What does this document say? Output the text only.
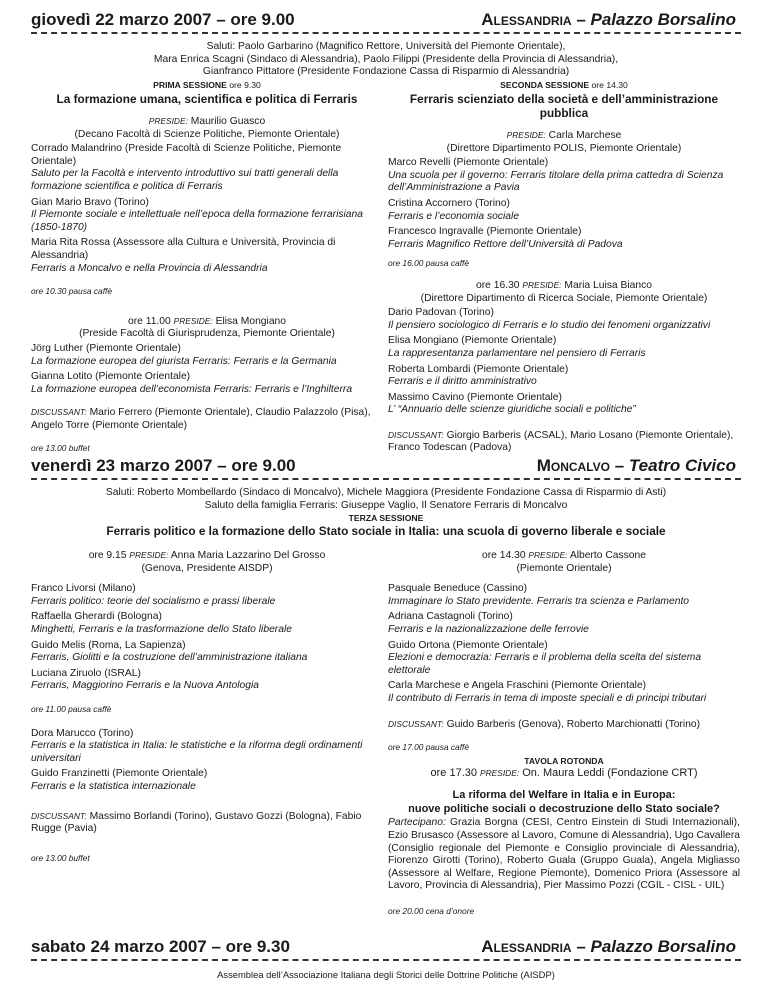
giovedì 22 marzo 2007 – ore 9.00	Alessandria – Palazzo Borsalino
Saluti: Paolo Garbarino (Magnifico Rettore, Università del Piemonte Orientale),
Mara Enrica Scagni (Sindaco di Alessandria), Paolo Filippi (Presidente della Provincia di Alessandria),
Gianfranco Pittatore (Presidente Fondazione Cassa di Risparmio di Alessandria)
PRIMA SESSIONE ore 9.30
La formazione umana, scientifica e politica di Ferraris
PRESIDE: Maurilio Guasco
(Decano Facoltà di Scienze Politiche, Piemonte Orientale)
Corrado Malandrino (Preside Facoltà di Scienze Politiche, Piemonte Orientale)
Saluto per la Facoltà e intervento introduttivo sui tratti generali della formazione scientifica e politica di Ferraris
Gian Mario Bravo (Torino)
Il Piemonte sociale e intellettuale nell’epoca della formazione ferrarisiana (1850-1870)
Maria Rita Rossa (Assessore alla Cultura e Università, Provincia di Alessandria)
Ferraris a Moncalvo e nella Provincia di Alessandria
ore 10.30 pausa caffè
ore 11.00 PRESIDE: Elisa Mongiano
(Preside Facoltà di Giurisprudenza, Piemonte Orientale)
Jörg Luther (Piemonte Orientale)
La formazione europea del giurista Ferraris: Ferraris e la Germania
Gianna Lotito (Piemonte Orientale)
La formazione europea dell’economista Ferraris: Ferraris e l’Inghilterra
DISCUSSANT: Mario Ferrero (Piemonte Orientale), Claudio Palazzolo (Pisa), Angelo Torre (Piemonte Orientale)
ore 13.00 buffet
SECONDA SESSIONE ore 14.30
Ferraris scienziato della società e dell’amministrazione pubblica
PRESIDE: Carla Marchese
(Direttore Dipartimento POLIS, Piemonte Orientale)
Marco Revelli (Piemonte Orientale)
Una scuola per il governo: Ferraris titolare della prima cattedra di Scienza dell’Amministrazione a Pavia
Cristina Accornero (Torino)
Ferraris e l’economia sociale
Francesco Ingravalle (Piemonte Orientale)
Ferraris Magnifico Rettore dell’Università di Padova
ore 16.00 pausa caffè
ore 16.30 PRESIDE: Maria Luisa Bianco
(Direttore Dipartimento di Ricerca Sociale, Piemonte Orientale)
Dario Padovan (Torino)
Il pensiero sociologico di Ferraris e lo studio dei fenomeni organizzativi
Elisa Mongiano (Piemonte Orientale)
La rappresentanza parlamentare nel pensiero di Ferraris
Roberta Lombardi (Piemonte Orientale)
Ferraris e il diritto amministrativo
Massimo Cavino (Piemonte Orientale)
L’ “Annuario delle scienze giuridiche sociali e politiche”
DISCUSSANT: Giorgio Barberis (ACSAL), Mario Losano (Piemonte Orientale), Franco Todescan (Padova)
venerdì 23 marzo 2007 – ore 9.00	Moncalvo – Teatro Civico
Saluti: Roberto Mombellardo (Sindaco di Moncalvo), Michele Maggiora (Presidente Fondazione Cassa di Risparmio di Asti)
Saluto della famiglia Ferraris: Giuseppe Vaglio, Il Senatore Ferraris di Moncalvo
TERZA SESSIONE
Ferraris politico e la formazione dello Stato sociale in Italia: una scuola di governo liberale e sociale
ore 9.15 PRESIDE: Anna Maria Lazzarino Del Grosso
(Genova, Presidente AISDP)
Franco Livorsi (Milano)
Ferraris politico: teorie del socialismo e prassi liberale
Raffaella Gherardi (Bologna)
Minghetti, Ferraris e la trasformazione dello Stato liberale
Guido Melis (Roma, La Sapienza)
Ferraris, Giolitti e la costruzione dell’amministrazione italiana
Luciana Ziruolo (ISRAL)
Ferraris, Maggiorino Ferraris e la Nuova Antologia
ore 11.00 pausa caffè
Dora Marucco (Torino)
Ferraris e la statistica in Italia: le statistiche e la riforma degli ordinamenti universitari
Guido Franzinetti (Piemonte Orientale)
Ferraris e la statistica internazionale
DISCUSSANT: Massimo Borlandi (Torino), Gustavo Gozzi (Bologna), Fabio Rugge (Pavia)
ore 13.00 buffet
ore 14.30 PRESIDE: Alberto Cassone
(Piemonte Orientale)
Pasquale Beneduce (Cassino)
Immaginare lo Stato previdente. Ferraris tra scienza e Parlamento
Adriana Castagnoli (Torino)
Ferraris e la nazionalizzazione delle ferrovie
Guido Ortona (Piemonte Orientale)
Elezioni e democrazia: Ferraris e il problema della scelta del sistema elettorale
Carla Marchese e Angela Fraschini (Piemonte Orientale)
Il contributo di Ferraris in tema di imposte speciali e di principi tributari
DISCUSSANT: Guido Barberis (Genova), Roberto Marchionatti (Torino)
ore 17.00 pausa caffè
TAVOLA ROTONDA
ore 17.30 PRESIDE: On. Maura Leddi (Fondazione CRT)
La riforma del Welfare in Italia e in Europa:
nuove politiche sociali o decostruzione dello Stato sociale?
Partecipano: Grazia Borgna (CESI, Centro Einstein di Studi Internazionali), Ezio Brusasco (Assessore al Lavoro, Comune di Alessandria), Ugo Cavallera (Consiglio regionale del Piemonte e Consiglio provinciale di Alessandria), Fiorenzo Girotti (Torino), Roberto Guala (Gruppo Guala), Angela Migliasso (Assessore al Welfare, Regione Piemonte), Domenico Priora (Assessore al Lavoro, Provincia di Alessandria), Pier Massimo Pozzi (CGIL - CISL - UIL)
ore 20.00 cena d’onore
sabato 24 marzo 2007 – ore 9.30	Alessandria – Palazzo Borsalino
Assemblea dell’Associazione Italiana degli Storici delle Dottrine Politiche (AISDP)
